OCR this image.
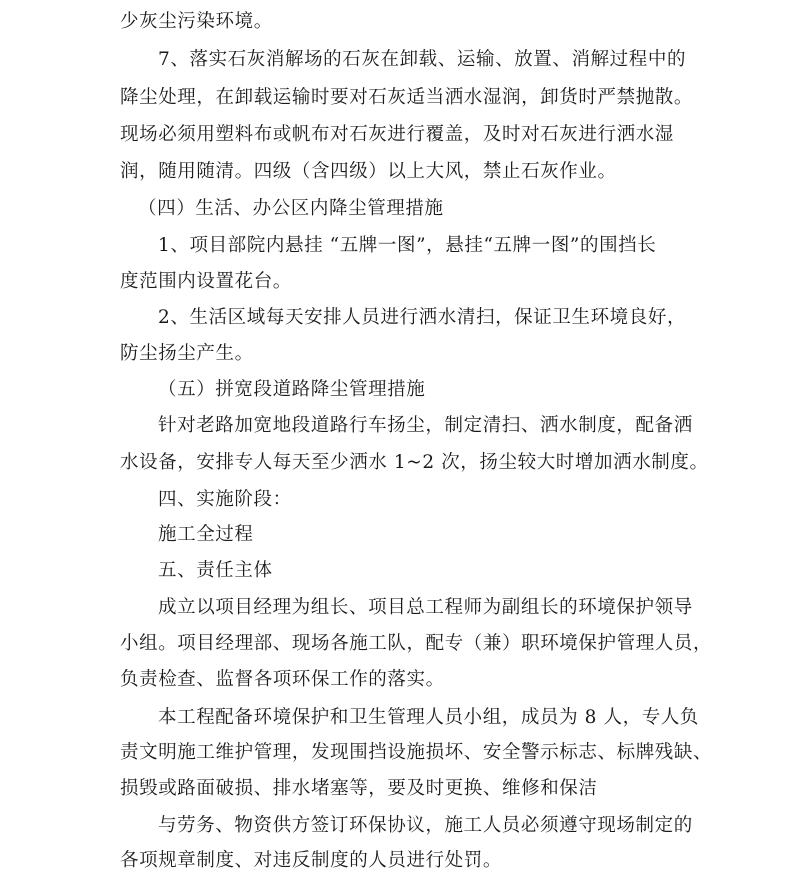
少灰尘污染环境。
7、落实石灰消解场的石灰在卸载、运输、放置、消解过程中的
降尘处理，在卸载运输时要对石灰适当洒水湿润，卸货时严禁抛散。
现场必须用塑料布或帆布对石灰进行覆盖，及时对石灰进行洒水湿
润，随用随清。四级（含四级）以上大风，禁止石灰作业。
（四）生活、办公区内降尘管理措施
1、项目部院内悬挂 “五牌一图”，悬挂“五牌一图”的围挡长
度范围内设置花台。
2、生活区域每天安排人员进行洒水清扫，保证卫生环境良好，
防尘扬尘产生。
（五）拼宽段道路降尘管理措施
针对老路加宽地段道路行车扬尘，制定清扫、洒水制度，配备洒
水设备，安排专人每天至少洒水 1~2 次，扬尘较大时增加洒水制度。
四、实施阶段：
施工全过程
五、责任主体
成立以项目经理为组长、项目总工程师为副组长的环境保护领导
小组。项目经理部、现场各施工队，配专（兼）职环境保护管理人员，
负责检查、监督各项环保工作的落实。
本工程配备环境保护和卫生管理人员小组，成员为 8 人，专人负
责文明施工维护管理，发现围挡设施损坏、安全警示标志、标牌残缺、
损毁或路面破损、排水堵塞等，要及时更换、维修和保洁
与劳务、物资供方签订环保协议，施工人员必须遵守现场制定的
各项规章制度、对违反制度的人员进行处罚。
